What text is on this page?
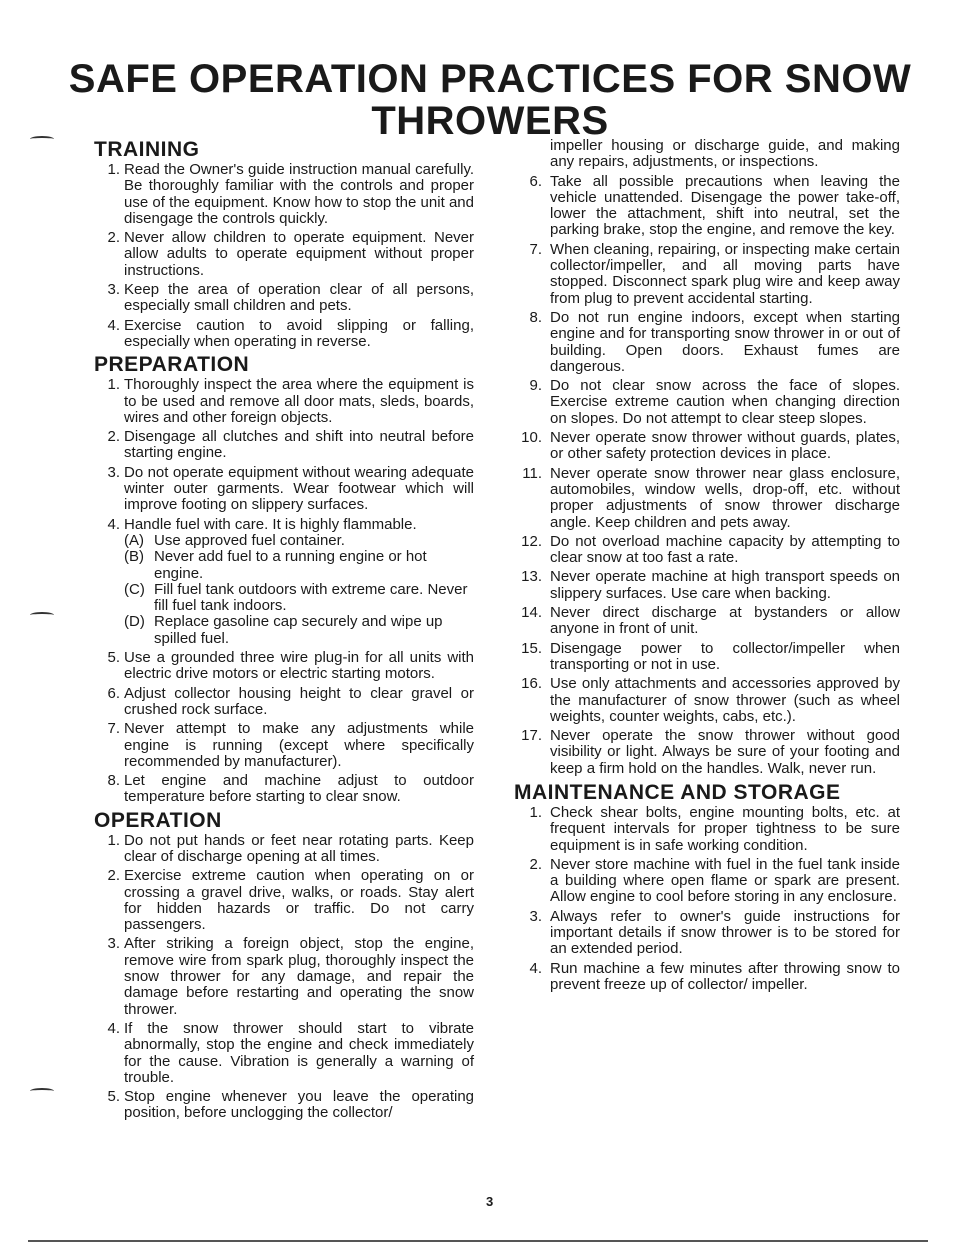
SAFE OPERATION PRACTICES FOR SNOW THROWERS
TRAINING
1. Read the Owner's guide instruction manual carefully. Be thoroughly familiar with the controls and proper use of the equipment. Know how to stop the unit and disengage the controls quickly.
2. Never allow children to operate equipment. Never allow adults to operate equipment without proper instructions.
3. Keep the area of operation clear of all persons, especially small children and pets.
4. Exercise caution to avoid slipping or falling, especially when operating in reverse.
PREPARATION
1. Thoroughly inspect the area where the equipment is to be used and remove all door mats, sleds, boards, wires and other foreign objects.
2. Disengage all clutches and shift into neutral before starting engine.
3. Do not operate equipment without wearing adequate winter outer garments. Wear footwear which will improve footing on slippery surfaces.
4. Handle fuel with care. It is highly flammable.
(A) Use approved fuel container.
(B) Never add fuel to a running engine or hot engine.
(C) Fill fuel tank outdoors with extreme care. Never fill fuel tank indoors.
(D) Replace gasoline cap securely and wipe up spilled fuel.
5. Use a grounded three wire plug-in for all units with electric drive motors or electric starting motors.
6. Adjust collector housing height to clear gravel or crushed rock surface.
7. Never attempt to make any adjustments while engine is running (except where specifically recommended by manufacturer).
8. Let engine and machine adjust to outdoor temperature before starting to clear snow.
OPERATION
1. Do not put hands or feet near rotating parts. Keep clear of discharge opening at all times.
2. Exercise extreme caution when operating on or crossing a gravel drive, walks, or roads. Stay alert for hidden hazards or traffic. Do not carry passengers.
3. After striking a foreign object, stop the engine, remove wire from spark plug, thoroughly inspect the snow thrower for any damage, and repair the damage before restarting and operating the snow thrower.
4. If the snow thrower should start to vibrate abnormally, stop the engine and check immediately for the cause. Vibration is generally a warning of trouble.
5. Stop engine whenever you leave the operating position, before unclogging the collector/
impeller housing or discharge guide, and making any repairs, adjustments, or inspections.
6. Take all possible precautions when leaving the vehicle unattended. Disengage the power take-off, lower the attachment, shift into neutral, set the parking brake, stop the engine, and remove the key.
7. When cleaning, repairing, or inspecting make certain collector/impeller, and all moving parts have stopped. Disconnect spark plug wire and keep away from plug to prevent accidental starting.
8. Do not run engine indoors, except when starting engine and for transporting snow thrower in or out of building. Open doors. Exhaust fumes are dangerous.
9. Do not clear snow across the face of slopes. Exercise extreme caution when changing direction on slopes. Do not attempt to clear steep slopes.
10. Never operate snow thrower without guards, plates, or other safety protection devices in place.
11. Never operate snow thrower near glass enclosure, automobiles, window wells, drop-off, etc. without proper adjustments of snow thrower discharge angle. Keep children and pets away.
12. Do not overload machine capacity by attempting to clear snow at too fast a rate.
13. Never operate machine at high transport speeds on slippery surfaces. Use care when backing.
14. Never direct discharge at bystanders or allow anyone in front of unit.
15. Disengage power to collector/impeller when transporting or not in use.
16. Use only attachments and accessories approved by the manufacturer of snow thrower (such as wheel weights, counter weights, cabs, etc.).
17. Never operate the snow thrower without good visibility or light. Always be sure of your footing and keep a firm hold on the handles. Walk, never run.
MAINTENANCE AND STORAGE
1. Check shear bolts, engine mounting bolts, etc. at frequent intervals for proper tightness to be sure equipment is in safe working condition.
2. Never store machine with fuel in the fuel tank inside a building where open flame or spark are present. Allow engine to cool before storing in any enclosure.
3. Always refer to owner's guide instructions for important details if snow thrower is to be stored for an extended period.
4. Run machine a few minutes after throwing snow to prevent freeze up of collector/ impeller.
3
